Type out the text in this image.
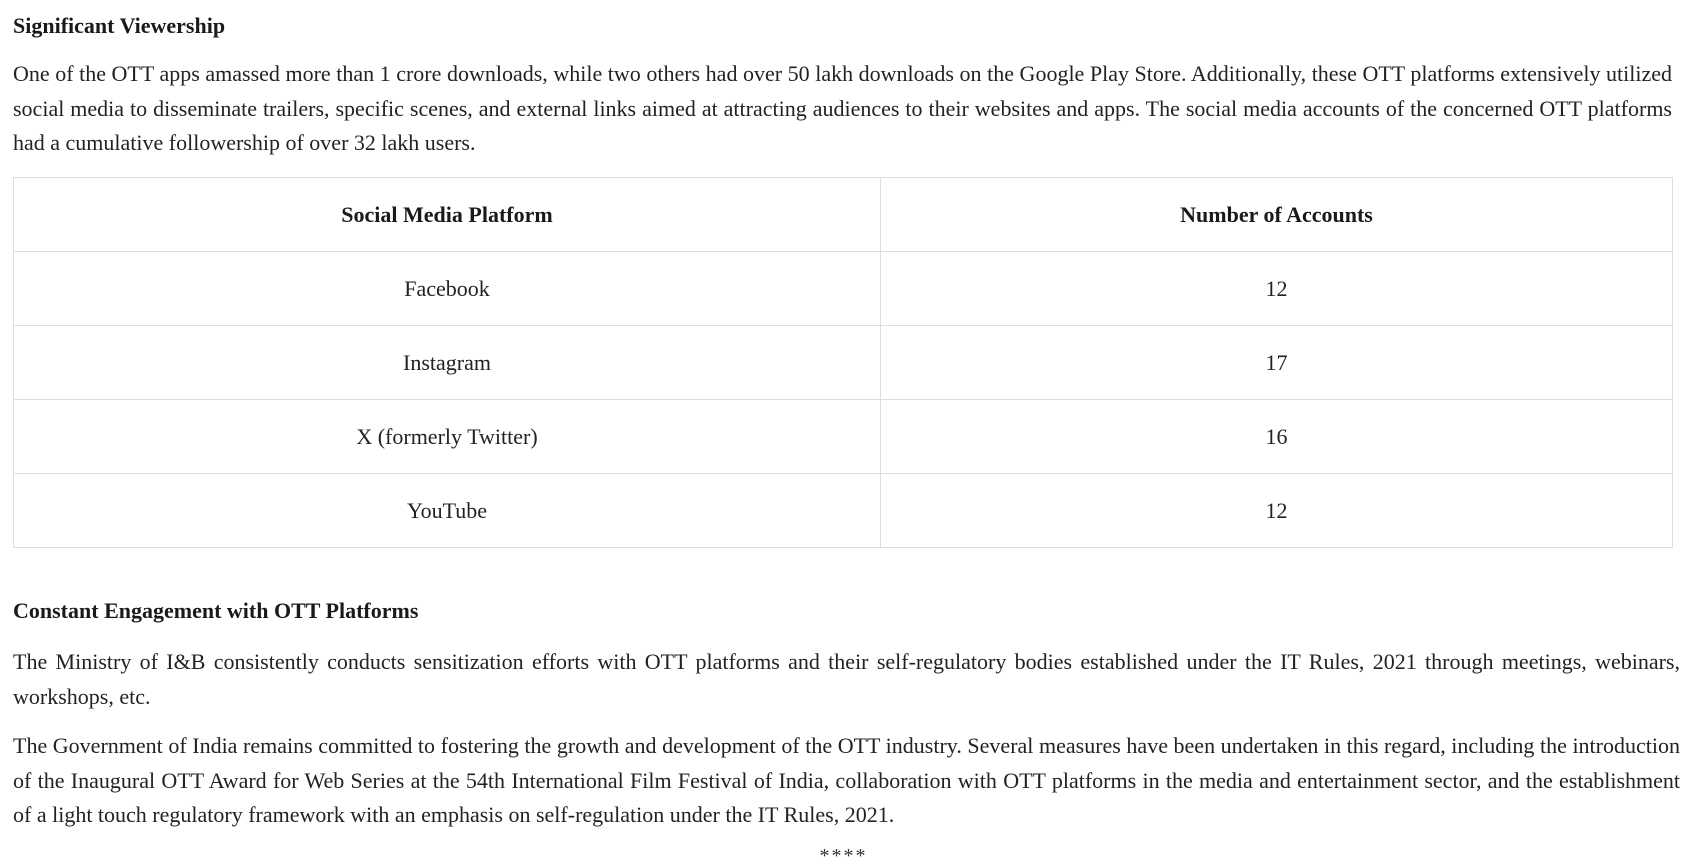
Significant Viewership
One of the OTT apps amassed more than 1 crore downloads, while two others had over 50 lakh downloads on the Google Play Store. Additionally, these OTT platforms extensively utilized social media to disseminate trailers, specific scenes, and external links aimed at attracting audiences to their websites and apps. The social media accounts of the concerned OTT platforms had a cumulative followership of over 32 lakh users.
Social Media Platform	Number of Accounts
Facebook	12
Instagram	17
X (formerly Twitter)	16
YouTube	12
Constant Engagement with OTT Platforms
The Ministry of I&B consistently conducts sensitization efforts with OTT platforms and their self-regulatory bodies established under the IT Rules, 2021 through meetings, webinars, workshops, etc.
The Government of India remains committed to fostering the growth and development of the OTT industry. Several measures have been undertaken in this regard, including the introduction of the Inaugural OTT Award for Web Series at the 54th International Film Festival of India, collaboration with OTT platforms in the media and entertainment sector, and the establishment of a light touch regulatory framework with an emphasis on self-regulation under the IT Rules, 2021.
****
